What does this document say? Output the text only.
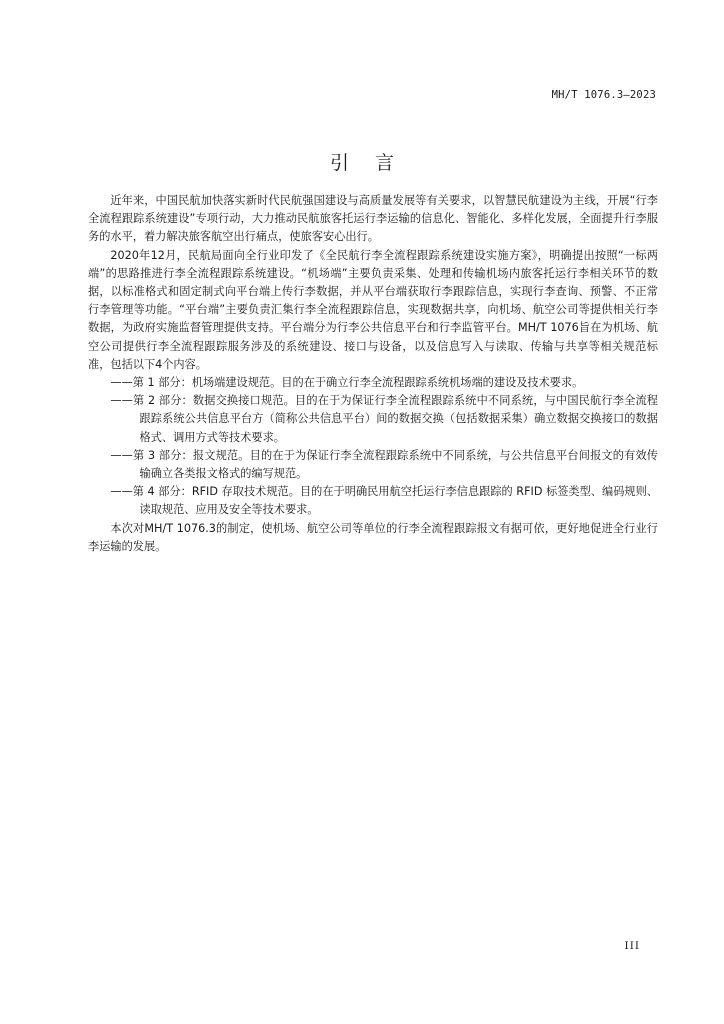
MH/T 1076.3—2023
引言

近年来，中国民航加快落实新时代民航强国建设与高质量发展等有关要求，以智慧民航建设为主线，开展“行李全流程跟踪系统建设”专项行动，大力推动民航旅客托运行李运输的信息化、智能化、多样化发展，全面提升行李服务的水平，着力解决旅客航空出行痛点，使旅客安心出行。

2020年12月，民航局面向全行业印发了《全民航行李全流程跟踪系统建设实施方案》，明确提出按照“一标两端”的思路推进行李全流程跟踪系统建设。“机场端”主要负责采集、处理和传输机场内旅客托运行李相关环节的数据，以标准格式和固定制式向平台端上传行李数据，并从平台端获取行李跟踪信息，实现行李查询、预警、不正常行李管理等功能。“平台端”主要负责汇集行李全流程跟踪信息，实现数据共享，向机场、航空公司等提供相关行李数据，为政府实施监督管理提供支持。平台端分为行李公共信息平台和行李监管平台。MH/T 1076旨在为机场、航空公司提供行李全流程跟踪服务涉及的系统建设、接口与设备，以及信息写入与读取、传输与共享等相关规范标准，包括以下4个内容。

——第 1 部分：机场端建设规范。目的在于确立行李全流程跟踪系统机场端的建设及技术要求。

——第 2 部分：数据交换接口规范。目的在于为保证行李全流程跟踪系统中不同系统，与中国民航行李全流程跟踪系统公共信息平台方（简称公共信息平台）间的数据交换（包括数据采集）确立数据交换接口的数据格式、调用方式等技术要求。

——第 3 部分：报文规范。目的在于为保证行李全流程跟踪系统中不同系统，与公共信息平台间报文的有效传输确立各类报文格式的编写规范。

——第 4 部分：RFID 存取技术规范。目的在于明确民用航空托运行李信息跟踪的 RFID 标签类型、编码规则、读取规范、应用及安全等技术要求。

本次对MH/T 1076.3的制定，使机场、航空公司等单位的行李全流程跟踪报文有据可依，更好地促进全行业行李运输的发展。

III
